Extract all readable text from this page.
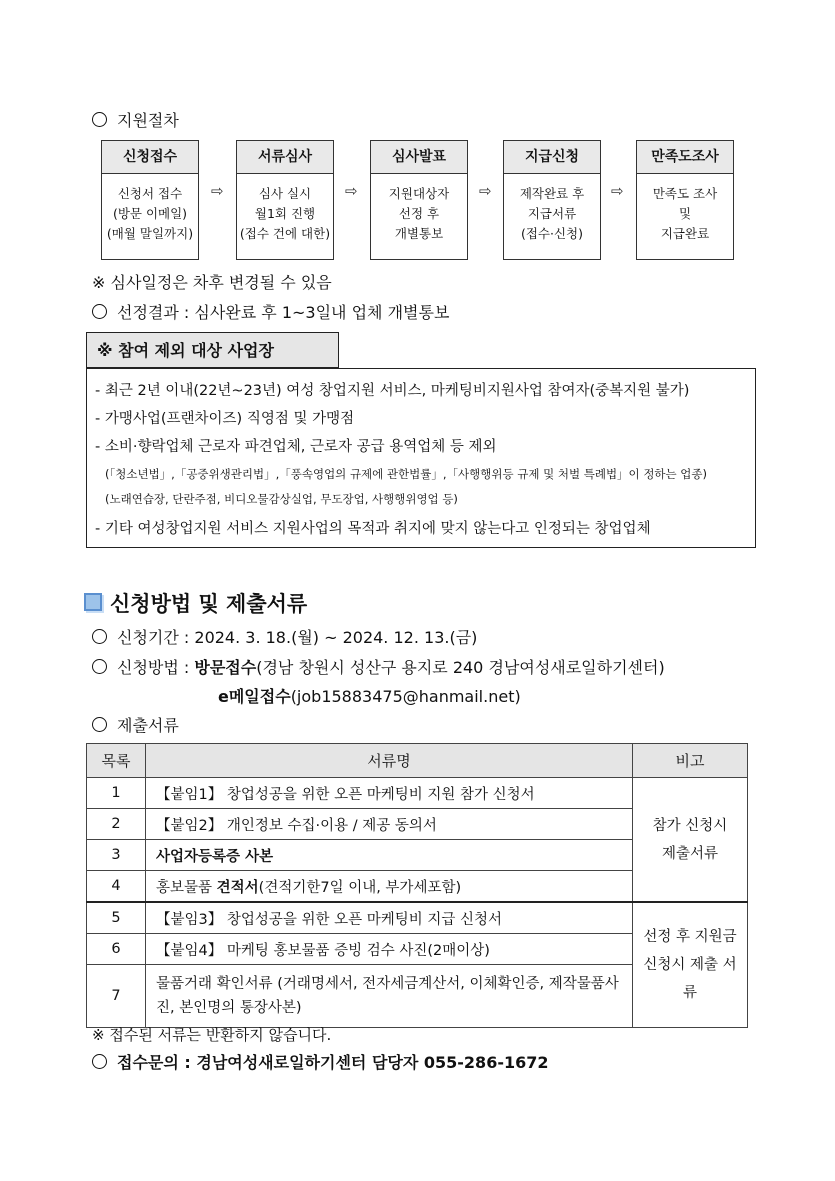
지원절차
신청접수
신청서 접수
(방문 이메일)
(매월 말일까지)
⇨
서류심사
심사 실시
월1회 진행
(접수 건에 대한)
⇨
심사발표
지원대상자
선정 후
개별통보
⇨
지급신청
제작완료 후
지급서류
(접수·신청)
⇨
만족도조사
만족도 조사
및
지급완료
※ 심사일정은 차후 변경될 수 있음
선정결과 : 심사완료 후 1~3일내 업체 개별통보
※ 참여 제외 대상 사업장
- 최근 2년 이내(22년~23년) 여성 창업지원 서비스, 마케팅비지원사업 참여자(중복지원 불가)
- 가맹사업(프랜차이즈) 직영점 및 가맹점
- 소비·향락업체 근로자 파견업체, 근로자 공급 용역업체 등 제외
(「청소년법」,「공중위생관리법」,「풍속영업의 규제에 관한법률」,「사행행위등 규제 및 처벌 특례법」이 정하는 업종)
(노래연습장, 단란주점, 비디오물감상실업, 무도장업, 사행행위영업 등)
- 기타 여성창업지원 서비스 지원사업의 목적과 취지에 맞지 않는다고 인정되는 창업업체
신청방법 및 제출서류
신청기간 : 2024. 3. 18.(월) ~ 2024. 12. 13.(금)
신청방법 : 방문접수(경남 창원시 성산구 용지로 240 경남여성새로일하기센터)
e메일접수(job15883475@hanmail.net)
제출서류
목록	서류명	비고
1	【붙임1】 창업성공을 위한 오픈 마케팅비 지원 참가 신청서	참가 신청시 제출서류

2	【붙임2】 개인정보 수집·이용 / 제공 동의서	
3	사업자등록증 사본	
4	홍보물품 견적서(견적기한7일 이내, 부가세포함)	
5	【붙임3】 창업성공을 위한 오픈 마케팅비 지급 신청서	선정 후 지원금 신청시 제출 서류

6	【붙임4】 마케팅 홍보물품 증빙 검수 사진(2매이상)	
7	물품거래 확인서류 (거래명세서, 전자세금계산서, 이체확인증, 제작물품사진, 본인명의 통장사본)	
※ 접수된 서류는 반환하지 않습니다.
접수문의 : 경남여성새로일하기센터 담당자 055-286-1672
